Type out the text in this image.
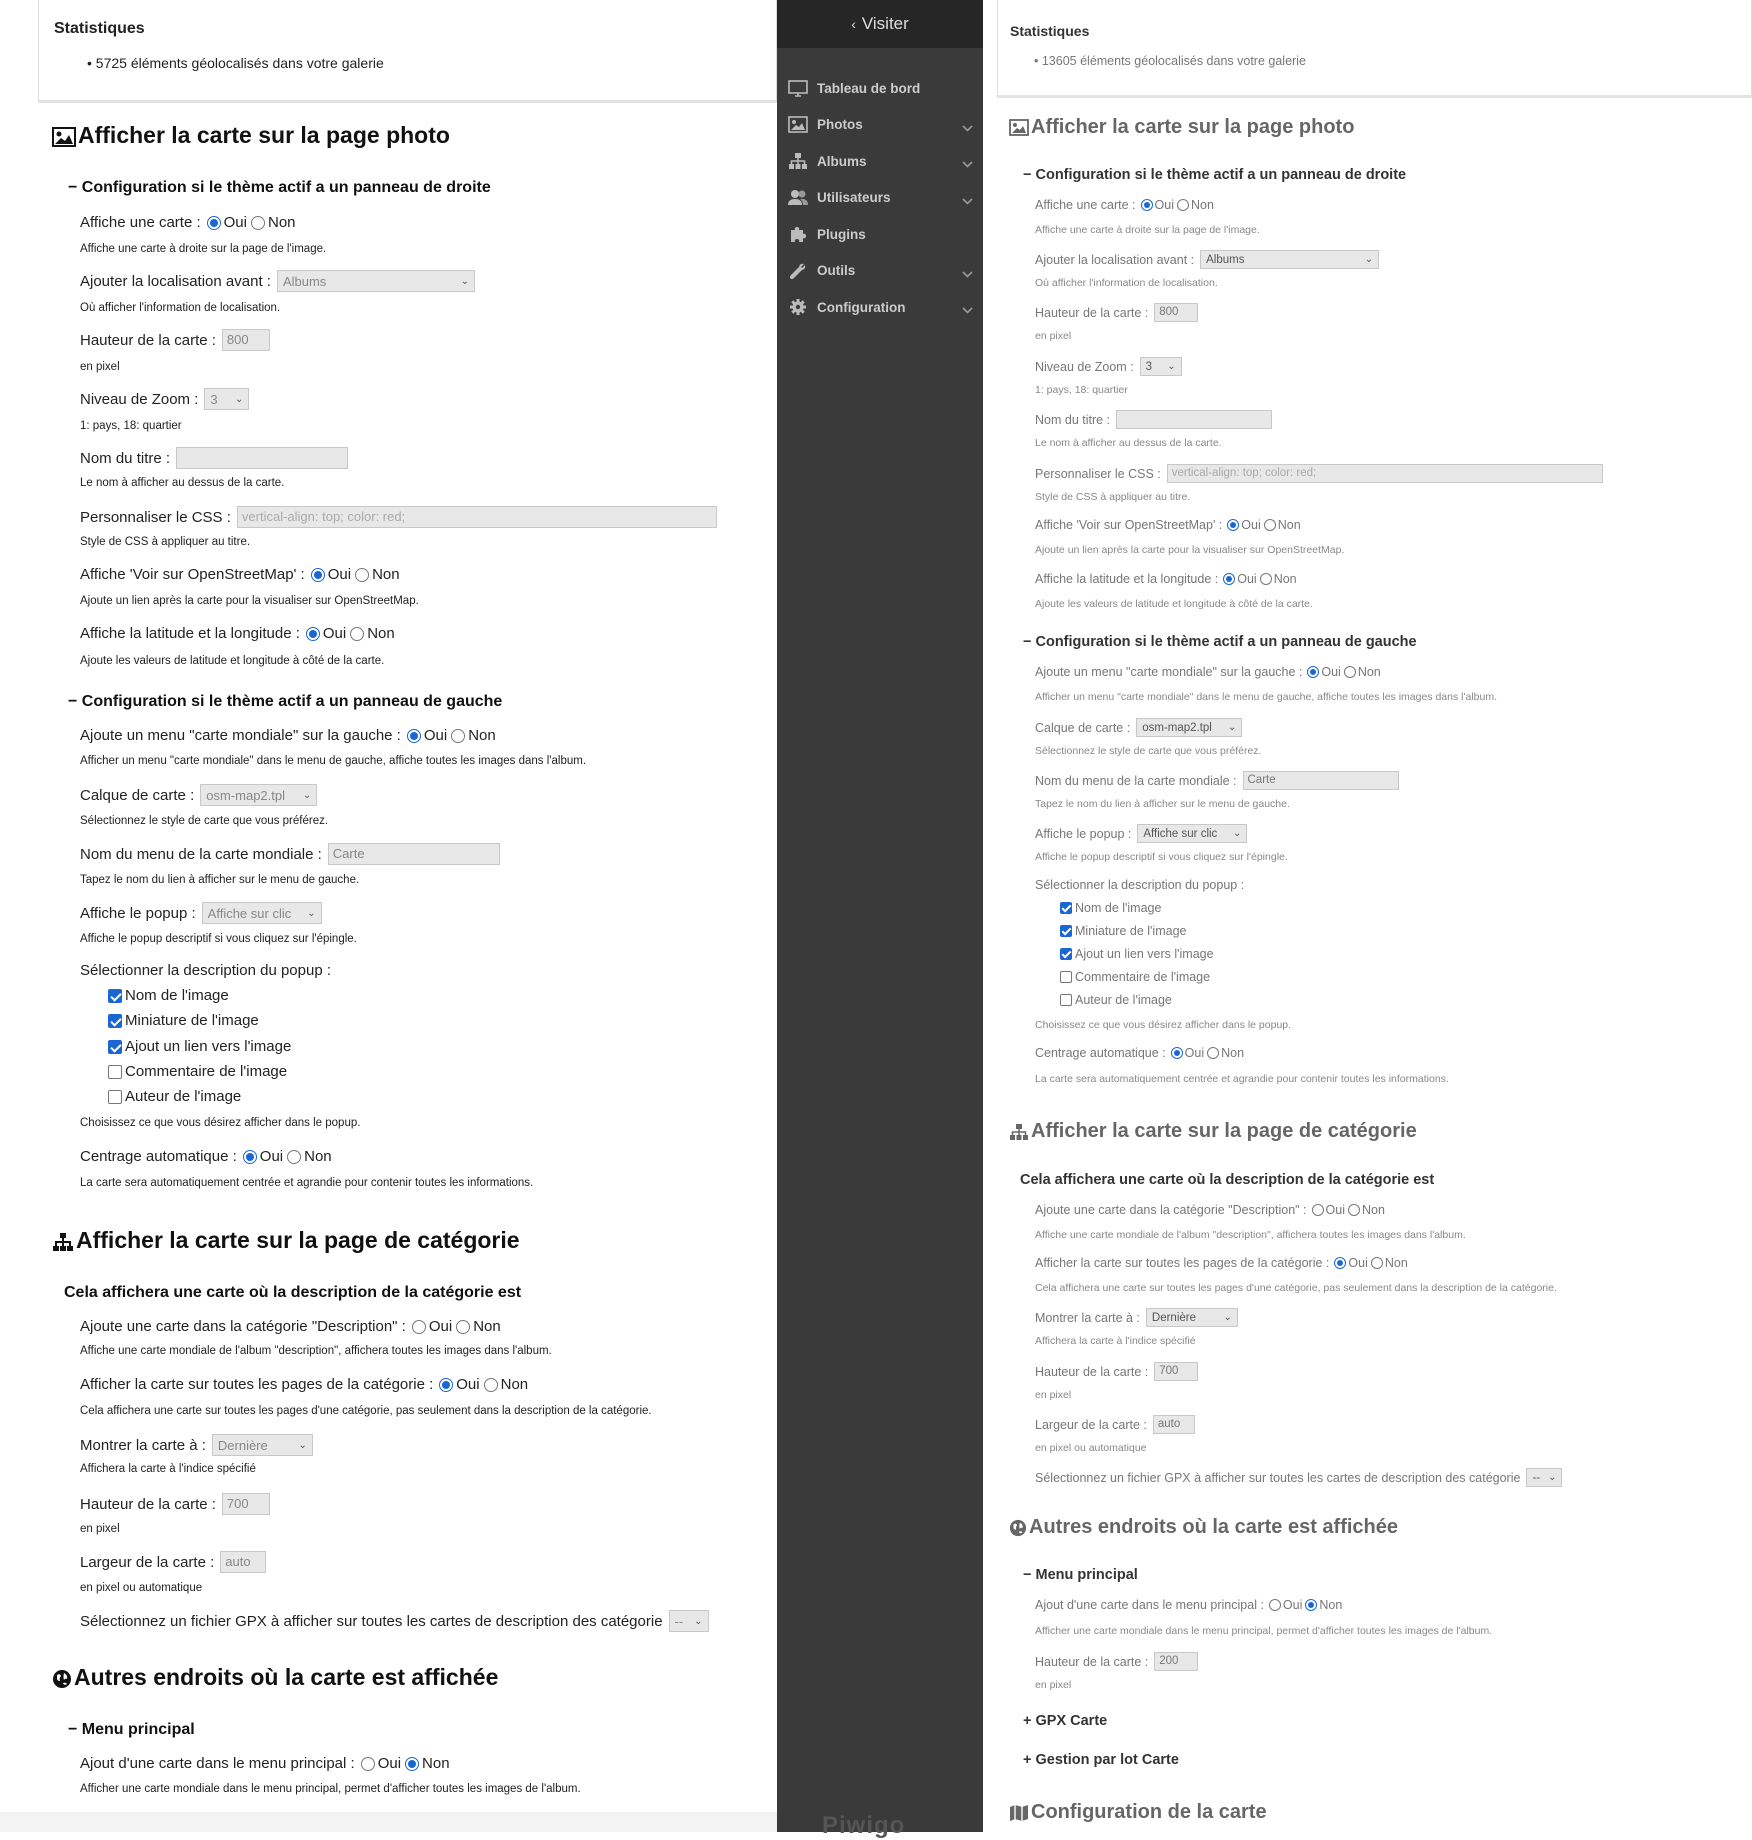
Statistiques
• 5725 éléments géolocalisés dans votre galerie
Afficher la carte sur la page photo
− Configuration si le thème actif a un panneau de droite
Affiche une carte : Oui Non
Affiche une carte à droite sur la page de l'image.
Ajouter la localisation avant : Albums	⌄
Où afficher l'information de localisation.
Hauteur de la carte : 800
en pixel
Niveau de Zoom : 3 ⌄
1: pays, 18: quartier
Nom du titre :
Le nom à afficher au dessus de la carte.
Personnaliser le CSS : vertical-align: top; color: red;
Style de CSS à appliquer au titre.
Affiche 'Voir sur OpenStreetMap' : Oui Non
Ajoute un lien après la carte pour la visualiser sur OpenStreetMap.
Affiche la latitude et la longitude : Oui Non
Ajoute les valeurs de latitude et longitude à côté de la carte.
− Configuration si le thème actif a un panneau de gauche
Ajoute un menu "carte mondiale" sur la gauche : Oui Non
Afficher un menu "carte mondiale" dans le menu de gauche, affiche toutes les images dans l'album.
Calque de carte : osm-map2.tpl ⌄
Sélectionnez le style de carte que vous préférez.
Nom du menu de la carte mondiale : Carte
Tapez le nom du lien à afficher sur le menu de gauche.
Affiche le popup : Affiche sur clic ⌄
Affiche le popup descriptif si vous cliquez sur l'épingle.
Sélectionner la description du popup :
Nom de l'image
Miniature de l'image
Ajout un lien vers l'image
Commentaire de l'image
Auteur de l'image
Choisissez ce que vous désirez afficher dans le popup.
Centrage automatique : Oui Non
La carte sera automatiquement centrée et agrandie pour contenir toutes les informations.
Afficher la carte sur la page de catégorie
Cela affichera une carte où la description de la catégorie est
Ajoute une carte dans la catégorie "Description" : Oui Non
Affiche une carte mondiale de l'album "description", affichera toutes les images dans l'album.
Afficher la carte sur toutes les pages de la catégorie : Oui Non
Cela affichera une carte sur toutes les pages d'une catégorie, pas seulement dans la description de la catégorie.
Montrer la carte à : Dernière	⌄
Affichera la carte à l'indice spécifié
Hauteur de la carte : 700
en pixel
Largeur de la carte : auto
en pixel ou automatique
Sélectionnez un fichier GPX à afficher sur toutes les cartes de description des catégorie -- ⌄
Autres endroits où la carte est affichée
− Menu principal
Ajout d'une carte dans le menu principal : Oui Non
Afficher une carte mondiale dans le menu principal, permet d'afficher toutes les images de l'album.
‹ Visiter
Tableau de bord
Photos
Albums
Utilisateurs
Plugins
Outils
Configuration
Piwigo
Statistiques
• 13605 éléments géolocalisés dans votre galerie
Afficher la carte sur la page photo
− Configuration si le thème actif a un panneau de droite
Affiche une carte : Oui Non
Affiche une carte à droite sur la page de l'image.
Ajouter la localisation avant : Albums	⌄
Où afficher l'information de localisation.
Hauteur de la carte : 800
en pixel
Niveau de Zoom : 3 ⌄
1: pays, 18: quartier
Nom du titre :
Le nom à afficher au dessus de la carte.
Personnaliser le CSS : vertical-align: top; color: red;
Style de CSS à appliquer au titre.
Affiche 'Voir sur OpenStreetMap' : Oui Non
Ajoute un lien après la carte pour la visualiser sur OpenStreetMap.
Affiche la latitude et la longitude : Oui Non
Ajoute les valeurs de latitude et longitude à côté de la carte.
− Configuration si le thème actif a un panneau de gauche
Ajoute un menu "carte mondiale" sur la gauche : Oui Non
Afficher un menu "carte mondiale" dans le menu de gauche, affiche toutes les images dans l'album.
Calque de carte : osm-map2.tpl ⌄
Sélectionnez le style de carte que vous préférez.
Nom du menu de la carte mondiale : Carte
Tapez le nom du lien à afficher sur le menu de gauche.
Affiche le popup : Affiche sur clic ⌄
Affiche le popup descriptif si vous cliquez sur l'épingle.
Sélectionner la description du popup :
Nom de l'image
Miniature de l'image
Ajout un lien vers l'image
Commentaire de l'image
Auteur de l'image
Choisissez ce que vous désirez afficher dans le popup.
Centrage automatique : Oui Non
La carte sera automatiquement centrée et agrandie pour contenir toutes les informations.
Afficher la carte sur la page de catégorie
Cela affichera une carte où la description de la catégorie est
Ajoute une carte dans la catégorie "Description" : Oui Non
Affiche une carte mondiale de l'album "description", affichera toutes les images dans l'album.
Afficher la carte sur toutes les pages de la catégorie : Oui Non
Cela affichera une carte sur toutes les pages d'une catégorie, pas seulement dans la description de la catégorie.
Montrer la carte à : Dernière	⌄
Affichera la carte à l'indice spécifié
Hauteur de la carte : 700
en pixel
Largeur de la carte : auto
en pixel ou automatique
Sélectionnez un fichier GPX à afficher sur toutes les cartes de description des catégorie -- ⌄
Autres endroits où la carte est affichée
− Menu principal
Ajout d'une carte dans le menu principal : Oui Non
Afficher une carte mondiale dans le menu principal, permet d'afficher toutes les images de l'album.
Hauteur de la carte : 200
en pixel
+ GPX Carte
+ Gestion par lot Carte
Configuration de la carte
